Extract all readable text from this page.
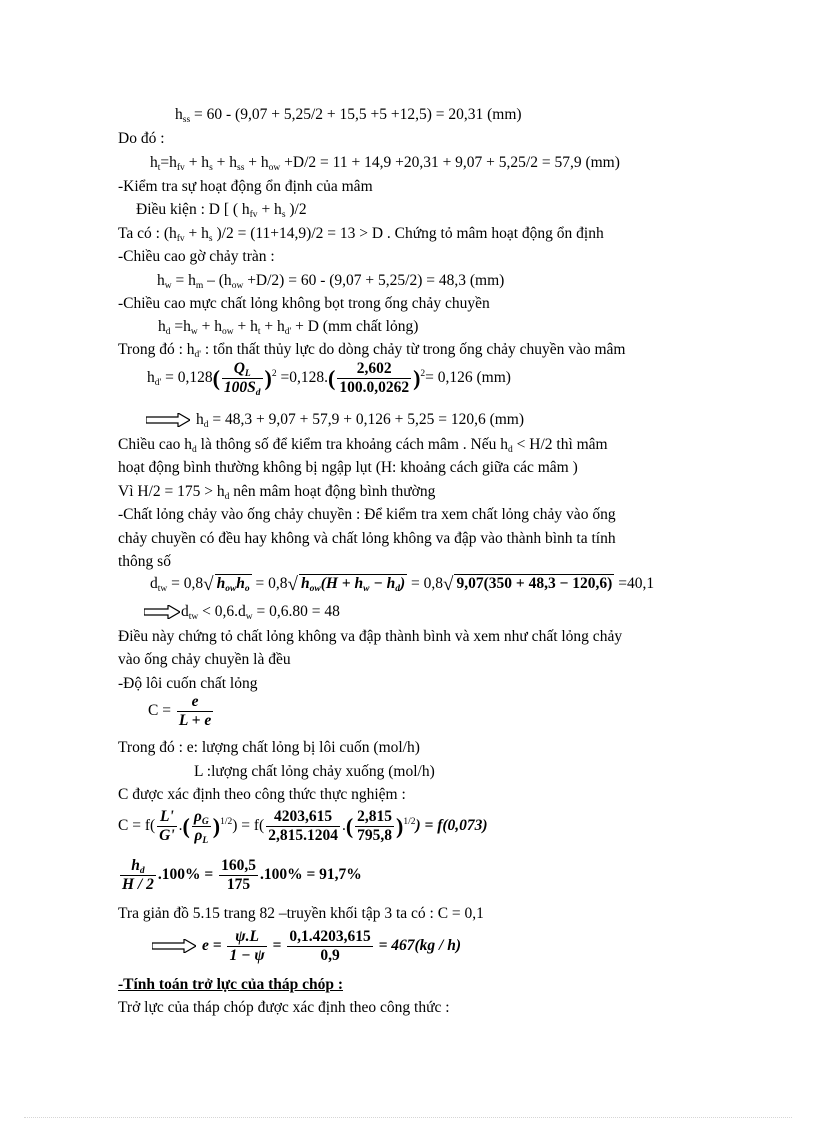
$h_{ss} = 60 - (9,07 + 5,25/2 + 15,5 +5 +12,5) = 20,31$ (mm)
Do đó :
$h_t=h_{fv} + h_s + h_{ss} + h_{ow} +D/2 = 11 + 14,9 +20,31 + 9,07 + 5,25/2 = 57,9$ (mm)
-Kiểm tra sự hoạt động ổn định của mâm
Điều kiện : D [ ( $h_{fv} + h_s$ )/2
Ta có : ($h_{fv} + h_s$ )/2 = (11+14,9)/2 = 13 > D . Chứng tỏ mâm hoạt động ổn định
-Chiều cao gờ chảy tràn :
$h_w = h_m - (h_{ow} +D/2) = 60 - (9,07 + 5,25/2) = 48,3$ (mm)
-Chiều cao mực chất lỏng không bọt trong ống chảy chuyền
$h_d =h_w + h_{ow} + h_t + h_{d'} + D$ (mm chất lỏng)
Trong đó : $h_{d'}$ : tổn thất thủy lực do dòng chảy từ trong ống chảy chuyền vào mâm
$h_{d'} = 0,128( \frac{Q_L}{100S_d} )^2 =0,128.( \frac{2,602}{100.0,0262} )^2= 0,126$ (mm)
$h_d = 48,3 + 9,07 + 57,9 + 0,126 + 5,25 = 120,6$ (mm)
Chiều cao $h_d$ là thông số để kiểm tra khoảng cách mâm . Nếu $h_d < H/2$ thì mâm
hoạt động bình thường không bị ngập lụt (H: khoảng cách giữa các mâm )
Vì $H/2 = 175 > h_d$ nên mâm hoạt động bình thường
-Chất lỏng chảy vào ống chảy chuyền : Để kiểm tra xem chất lỏng chảy vào ống
chảy chuyền có đều hay không và chất lỏng không va đập vào thành bình ta tính
thông số
$d_{tw} = 0,8√$ $h_{ow}h_o = 0,8√$ $h_{ow}(H + h_w - h_d) = 0,8√$ 9,07(350 + 48,3 − 120,6) =40,1
$d_{tw} < 0,6.d_w = 0,6.80 = 48$
Điều này chứng tỏ chất lỏng không va đập thành bình và xem như chất lỏng chảy
vào ống chảy chuyền là đều
-Độ lôi cuốn chất lỏng
$C = \frac{e}{L + e}$
Trong đó : e: lượng chất lỏng bị lôi cuốn (mol/h)
L :lượng chất lỏng chảy xuống (mol/h)
C được xác định theo công thức thực nghiệm :
$C = f( \frac{L'}{G'}$ .( $\frac{\rho_G}{\rho_L} )^{1/2}) = f( \frac{4203,615}{2,815.1204}$ .( $\frac{2,815}{795,8} )^{1/2}) = f(0,073)$
$\frac{h_d}{H / 2} .100\% = \frac{160,5}{175} .100\% = 91,7\%$
Tra giản đồ 5.15 trang 82 –truyền khối tập 3 ta có : C = 0,1
$e = \frac{\psi.L}{1 - \psi} = \frac{0,1.4203,615}{0,9} = 467(kg / h)$
-Tính toán trở lực của tháp chóp :
Trở lực của tháp chóp được xác định theo công thức :
